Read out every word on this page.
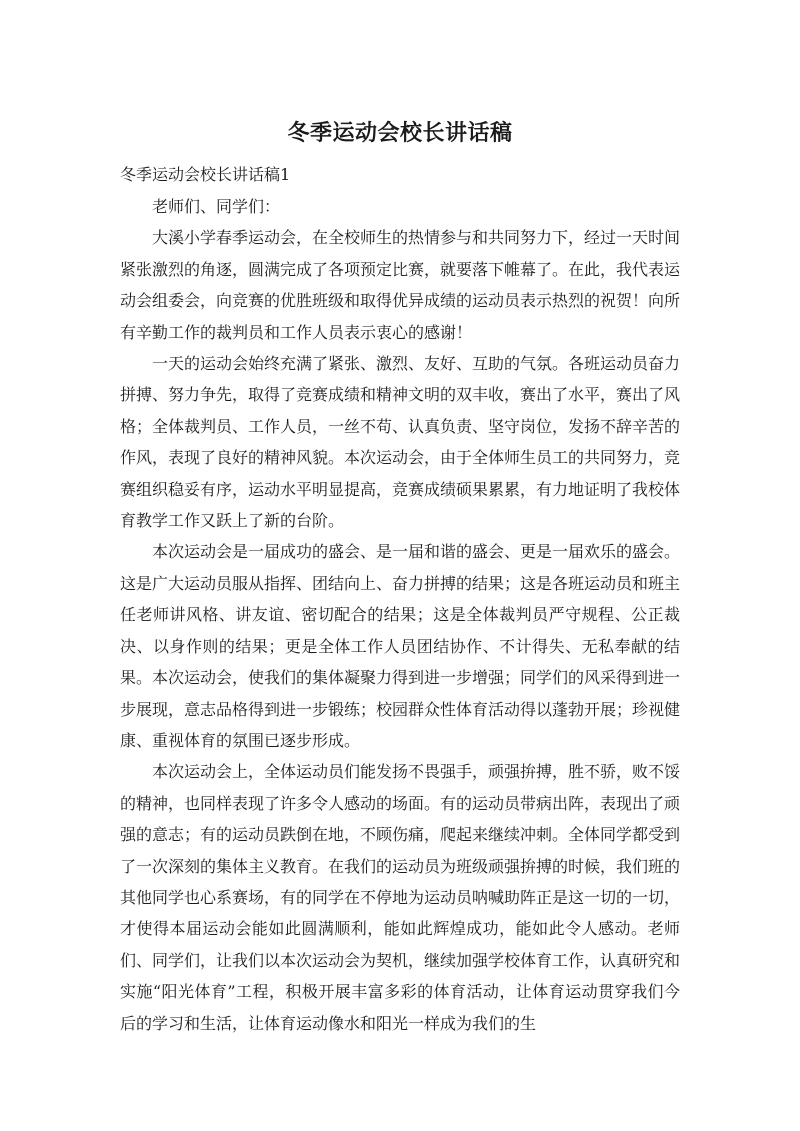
冬季运动会校长讲话稿
冬季运动会校长讲话稿1

老师们、同学们：

大溪小学春季运动会，在全校师生的热情参与和共同努力下，经过一天时间紧张激烈的角逐，圆满完成了各项预定比赛，就要落下帷幕了。在此，我代表运动会组委会，向竞赛的优胜班级和取得优异成绩的运动员表示热烈的祝贺！向所有辛勤工作的裁判员和工作人员表示衷心的感谢！

一天的运动会始终充满了紧张、激烈、友好、互助的气氛。各班运动员奋力拼搏、努力争先，取得了竞赛成绩和精神文明的双丰收，赛出了水平，赛出了风格；全体裁判员、工作人员，一丝不苟、认真负责、坚守岗位，发扬不辞辛苦的作风，表现了良好的精神风貌。本次运动会，由于全体师生员工的共同努力，竞赛组织稳妥有序，运动水平明显提高，竞赛成绩硕果累累，有力地证明了我校体育教学工作又跃上了新的台阶。

本次运动会是一届成功的盛会、是一届和谐的盛会、更是一届欢乐的盛会。这是广大运动员服从指挥、团结向上、奋力拼搏的结果；这是各班运动员和班主任老师讲风格、讲友谊、密切配合的结果；这是全体裁判员严守规程、公正裁决、以身作则的结果；更是全体工作人员团结协作、不计得失、无私奉献的结果。本次运动会，使我们的集体凝聚力得到进一步增强；同学们的风采得到进一步展现，意志品格得到进一步锻练；校园群众性体育活动得以蓬勃开展；珍视健康、重视体育的氛围已逐步形成。

本次运动会上，全体运动员们能发扬不畏强手，顽强拚搏，胜不骄，败不馁的精神，也同样表现了许多令人感动的场面。有的运动员带病出阵，表现出了顽强的意志；有的运动员跌倒在地，不顾伤痛，爬起来继续冲刺。全体同学都受到了一次深刻的集体主义教育。在我们的运动员为班级顽强拚搏的时候，我们班的其他同学也心系赛场，有的同学在不停地为运动员呐喊助阵正是这一切的一切，才使得本届运动会能如此圆满顺利，能如此辉煌成功，能如此令人感动。老师们、同学们，让我们以本次运动会为契机，继续加强学校体育工作，认真研究和实施“阳光体育”工程，积极开展丰富多彩的体育活动，让体育运动贯穿我们今后的学习和生活，让体育运动像水和阳光一样成为我们的生
